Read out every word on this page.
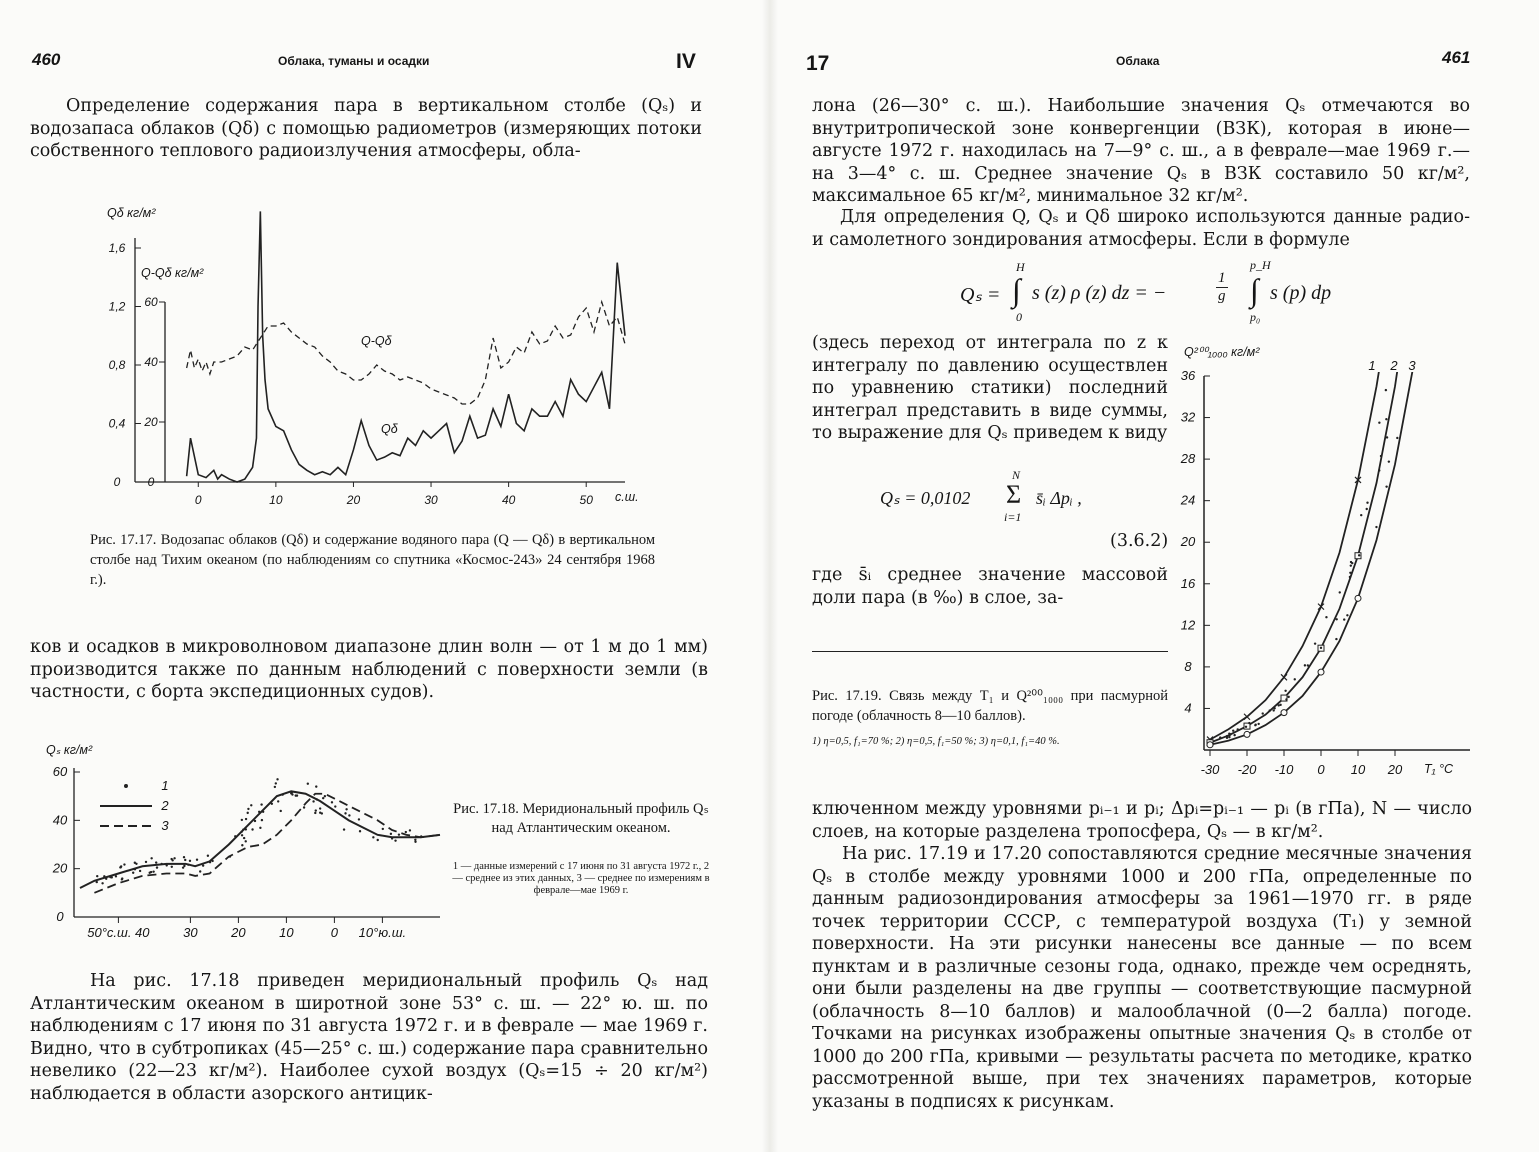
460	Облака, туманы и осадки	IV
Определение содержания пара в вертикальном столбе (Qₛ) и водозапаса облаков (Qδ) с помощью радиометров (измеряющих потоки собственного теплового радиоизлучения атмосферы, обла-
Qδ кг/м²
Q-Qδ кг/м²
Q-Qδ
Qδ
с.ш.
0
0,4
0,8
1,2
1,6
0
20
40
60
0	10	20	30	40	50
Рис. 17.17. Водозапас облаков (Qδ) и содержание водяного пара (Q — Qδ) в вертикальном столбе над Тихим океаном (по наблюдениям со спутника «Космос-243» 24 сентября 1968 г.).
ков и осадков в микроволновом диапазоне длин волн — от 1 м до 1 мм) производится также по данным наблюдений с поверхности земли (в частности, с борта экспедиционных судов).
Qₛ кг/м²
0
20
40
60
50°с.ш. 40	30	20	10	0 10°ю.ш.
1
2
3
Рис. 17.18. Меридиональный профиль Qₛ над Атлантическим океаном.
1 — данные измерений с 17 июня по 31 августа 1972 г., 2 — среднее из этих данных, 3 — среднее по измерениям в феврале—мае 1969 г.
На рис. 17.18 приведен меридиональный профиль Qₛ над Атлантическим океаном в широтной зоне 53° с. ш. — 22° ю. ш. по наблюдениям с 17 июня по 31 августа 1972 г. и в феврале — мае 1969 г. Видно, что в субтропиках (45—25° с. ш.) содержание пара сравнительно невелико (22—23 кг/м²). Наиболее сухой воздух (Qₛ=15 ÷ 20 кг/м²) наблюдается в области азорского антицик-
17	Облака	461
лона (26—30° с. ш.). Наибольшие значения Qₛ отмечаются во внутритропической зоне конвергенции (ВЗК), которая в июне—августе 1972 г. находилась на 7—9° с. ш., а в феврале—мае 1969 г.— на 3—4° с. ш. Среднее значение Qₛ в ВЗК составило 50 кг/м², максимальное 65 кг/м², минимальное 32 кг/м².
Для определения Q, Qₛ и Qδ широко используются данные радио- и самолетного зондирования атмосферы. Если в формуле
Qₛ =
H
∫
0
s (z) ρ (z) dz = −	$\frac{1}{g}$
p_H
∫
p₀
s (p) dp
(здесь переход от интеграла по z к интегралу по давлению осуществлен по уравнению статики) последний интеграл представить в виде суммы, то выражение для Qₛ приведем к виду
Qₛ = 0,0102
N
Σ
i=1
s̄ᵢ Δpᵢ ,
(3.6.2)
где s̄ᵢ среднее значение массовой доли пара (в ‰) в слое, за-
Рис. 17.19. Связь между T₁ и Q²⁰⁰₁₀₀₀ при пасмурной погоде (облачность 8—10 баллов).
1) η=0,5, f₁=70 %; 2) η=0,5, f₁=50 %; 3) η=0,1, f₁=40 %.
Q²⁰⁰₁₀₀₀ кг/м²
T₁ °C
4
8
12
16
20
24
28
32
36
-30 -20 -10 0 10 20
1 2 3
ключенном между уровнями pᵢ₋₁ и pᵢ; Δpᵢ=pᵢ₋₁ — pᵢ (в гПа), N — число слоев, на которые разделена тропосфера, Qₛ — в кг/м².
На рис. 17.19 и 17.20 сопоставляются средние месячные значения Qₛ в столбе между уровнями 1000 и 200 гПа, определенные по данным радиозондирования атмосферы за 1961—1970 гг. в ряде точек территории СССР, с температурой воздуха (T₁) у земной поверхности. На эти рисунки нанесены все данные — по всем пунктам и в различные сезоны года, однако, прежде чем осреднять, они были разделены на две группы — соответствующие пасмурной (облачность 8—10 баллов) и малооблачной (0—2 балла) погоде. Точками на рисунках изображены опытные значения Qₛ в столбе от 1000 до 200 гПа, кривыми — результаты расчета по методике, кратко рассмотренной выше, при тех значениях параметров, которые указаны в подписях к рисункам.
